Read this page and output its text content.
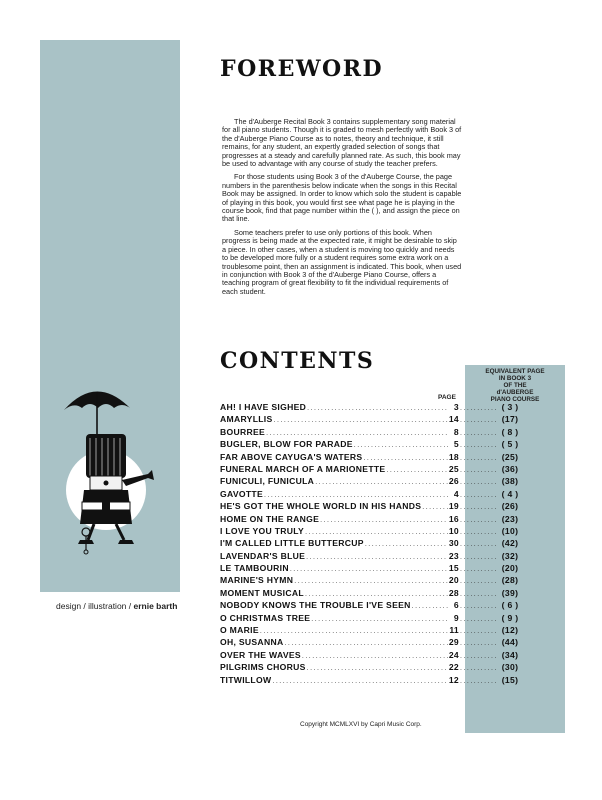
design / illustration / ernie barth
FOREWORD

The d'Auberge Recital Book 3 contains supplementary song material for all piano students. Though it is graded to mesh perfectly with Book 3 of the d'Auberge Piano Course as to notes, theory and technique, it still remains, for any student, an expertly graded selection of songs that progresses at a steady and carefully planned rate. As such, this book may be used to advantage with any course of study the teacher prefers.

For those students using Book 3 of the d'Auberge Course, the page numbers in the parenthesis below indicate when the songs in this Recital Book may be assigned. In order to know which solo the student is capable of playing in this book, you would first see what page he is playing in the course book, find that page number within the ( ), and assign the piece on that line.

Some teachers prefer to use only portions of this book. When progress is being made at the expected rate, it might be desirable to skip a piece. In other cases, when a student is moving too quickly and needs to be developed more fully or a student requires some extra work on a troublesome point, then an assignment is indicated. This book, when used in conjunction with Book 3 of the d'Auberge Piano Course, offers a teaching program of great flexibility to fit the individual requirements of each student.

CONTENTS	EQUIVALENT PAGE
IN BOOK 3
OF THE
d'AUBERGE
PIANO COURSE
PAGE
AH! I HAVE SIGHED .....	3 .....	( 3 )
AMARYLLIS .....	14 .....	(17)
BOURREE .....	8 .....	( 8 )
BUGLER, BLOW FOR PARADE .....	5 .....	( 5 )
FAR ABOVE CAYUGA'S WATERS .....	18 .....	(25)
FUNERAL MARCH OF A MARIONETTE .....	25 .....	(36)
FUNICULI, FUNICULA .....	26 .....	(38)
GAVOTTE .....	4 .....	( 4 )
HE'S GOT THE WHOLE WORLD IN HIS HANDS .....	19 .....	(26)
HOME ON THE RANGE .....	16 .....	(23)
I LOVE YOU TRULY .....	10 .....	(10)
I'M CALLED LITTLE BUTTERCUP .....	30 .....	(42)
LAVENDAR'S BLUE .....	23 .....	(32)
LE TAMBOURIN .....	15 .....	(20)
MARINE'S HYMN .....	20 .....	(28)
MOMENT MUSICAL .....	28 .....	(39)
NOBODY KNOWS THE TROUBLE I'VE SEEN .....	6 .....	( 6 )
O CHRISTMAS TREE .....	9 .....	( 9 )
O MARIE .....	11 .....	(12)
OH, SUSANNA .....	29 .....	(44)
OVER THE WAVES .....	24 .....	(34)
PILGRIMS CHORUS .....	22 .....	(30)
TITWILLOW .....	12 .....	(15)
Copyright MCMLXVI by Capri Music Corp.
